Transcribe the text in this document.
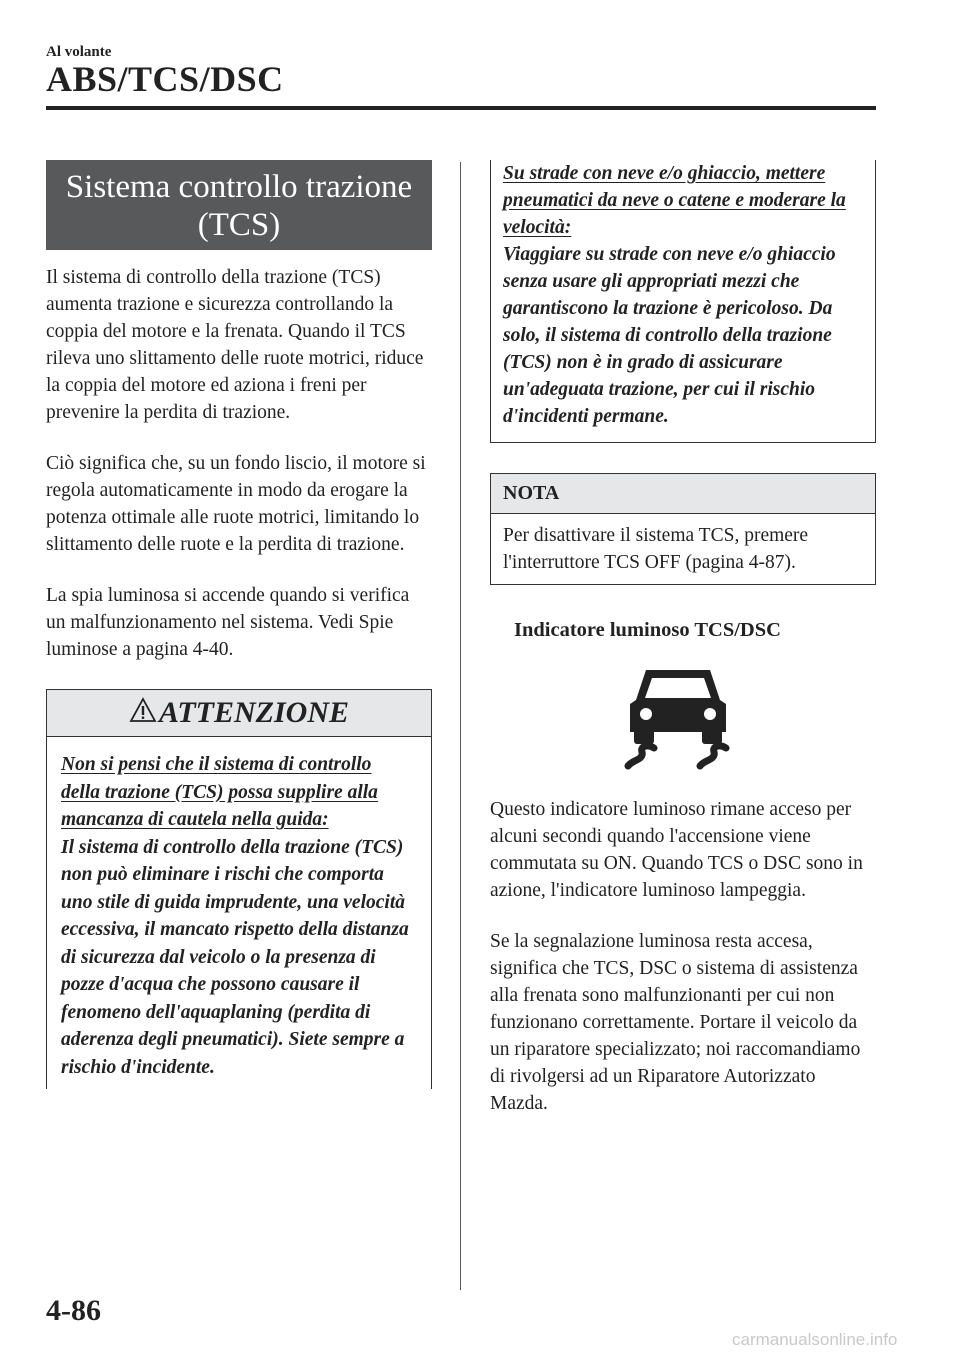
Al volante
ABS/TCS/DSC
Sistema controllo trazione
(TCS)

Il sistema di controllo della trazione (TCS) aumenta trazione e sicurezza controllando la coppia del motore e la frenata. Quando il TCS rileva uno slittamento delle ruote motrici, riduce la coppia del motore ed aziona i freni per prevenire la perdita di trazione.

Ciò significa che, su un fondo liscio, il motore si regola automaticamente in modo da erogare la potenza ottimale alle ruote motrici, limitando lo slittamento delle ruote e la perdita di trazione.

La spia luminosa si accende quando si verifica un malfunzionamento nel sistema. Vedi Spie luminose a pagina 4-40.

ATTENZIONE
Non si pensi che il sistema di controllo della trazione (TCS) possa supplire alla mancanza di cautela nella guida:
Il sistema di controllo della trazione (TCS) non può eliminare i rischi che comporta uno stile di guida imprudente, una velocità eccessiva, il mancato rispetto della distanza di sicurezza dal veicolo o la presenza di pozze d'acqua che possono causare il fenomeno dell'aquaplaning (perdita di aderenza degli pneumatici). Siete sempre a rischio d'incidente.
Su strade con neve e/o ghiaccio, mettere pneumatici da neve o catene e moderare la velocità:
Viaggiare su strade con neve e/o ghiaccio senza usare gli appropriati mezzi che garantiscono la trazione è pericoloso. Da solo, il sistema di controllo della trazione (TCS) non è in grado di assicurare un'adeguata trazione, per cui il rischio d'incidenti permane.
NOTA
Per disattivare il sistema TCS, premere l'interruttore TCS OFF (pagina 4-87).
Indicatore luminoso TCS/DSC

Questo indicatore luminoso rimane acceso per alcuni secondi quando l'accensione viene commutata su ON. Quando TCS o DSC sono in azione, l'indicatore luminoso lampeggia.

Se la segnalazione luminosa resta accesa, significa che TCS, DSC o sistema di assistenza alla frenata sono malfunzionanti per cui non funzionano correttamente. Portare il veicolo da un riparatore specializzato; noi raccomandiamo di rivolgersi ad un Riparatore Autorizzato Mazda.

4-86
carmanualsonline.info
